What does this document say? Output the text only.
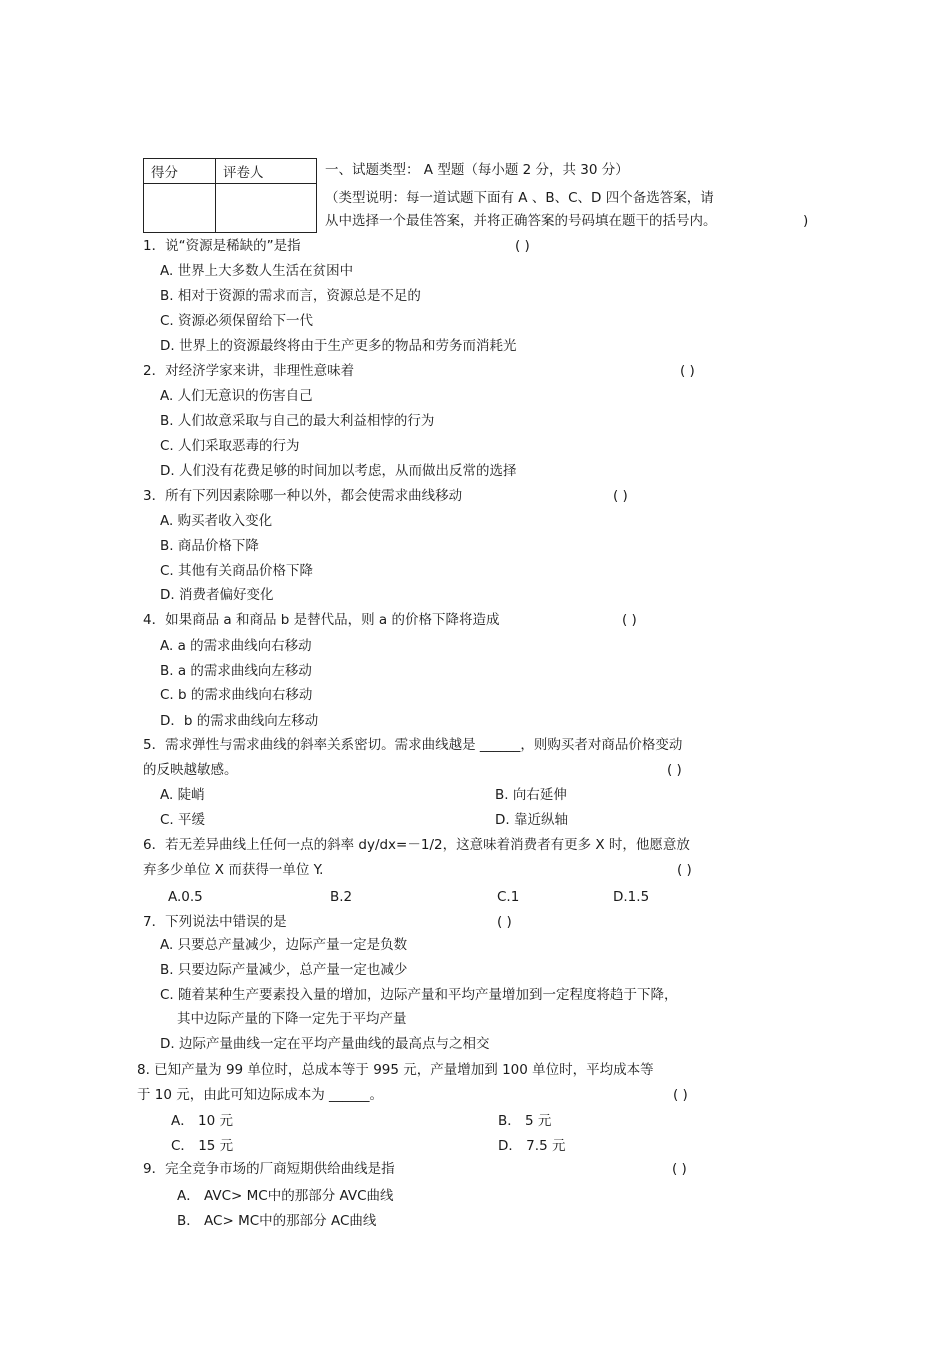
得分	评卷人
		一、试题类型： A 型题（每小题 2 分，共 30 分）
（类型说明：每一道试题下面有 A 、B、C、D 四个备选答案，请
从中选择一个最佳答案，并将正确答案的号码填在题干的括号内。	)
1．说“资源是稀缺的”是指	( )
A. 世界上大多数人生活在贫困中
B. 相对于资源的需求而言，资源总是不足的
C. 资源必须保留给下一代
D. 世界上的资源最终将由于生产更多的物品和劳务而消耗光
2．对经济学家来讲，非理性意味着	( )
A. 人们无意识的伤害自己
B. 人们故意采取与自己的最大利益相悖的行为
C. 人们采取恶毒的行为
D. 人们没有花费足够的时间加以考虑，从而做出反常的选择
3．所有下列因素除哪一种以外，都会使需求曲线移动	( )
A. 购买者收入变化
B. 商品价格下降
C. 其他有关商品价格下降
D. 消费者偏好变化
4．如果商品 a 和商品 b 是替代品，则 a 的价格下降将造成	( )
A. a 的需求曲线向右移动
B. a 的需求曲线向左移动
C. b 的需求曲线向右移动
D．b 的需求曲线向左移动
5．需求弹性与需求曲线的斜率关系密切。需求曲线越是 ______，则购买者对商品价格变动
的反映越敏感。	( )
A. 陡峭	B. 向右延伸
C. 平缓	D. 靠近纵轴
6．若无差异曲线上任何一点的斜率 dy/dx=－1/2，这意味着消费者有更多 X 时，他愿意放
弃多少单位 X 而获得一单位 Y.	( )
A.0.5	B.2	C.1	D.1.5
7．下列说法中错误的是	( )
A. 只要总产量减少，边际产量一定是负数
B. 只要边际产量减少，总产量一定也减少
C. 随着某种生产要素投入量的增加，边际产量和平均产量增加到一定程度将趋于下降，
其中边际产量的下降一定先于平均产量
D. 边际产量曲线一定在平均产量曲线的最高点与之相交
8. 已知产量为 99 单位时，总成本等于 995 元，产量增加到 100 单位时，平均成本等
于 10 元，由此可知边际成本为 ______。	( )
A． 10 元	B． 5 元
C． 15 元	D． 7.5 元
9．完全竞争市场的厂商短期供给曲线是指	( )
A． AVC> MC中的那部分 AVC曲线
B． AC> MC中的那部分 AC曲线
